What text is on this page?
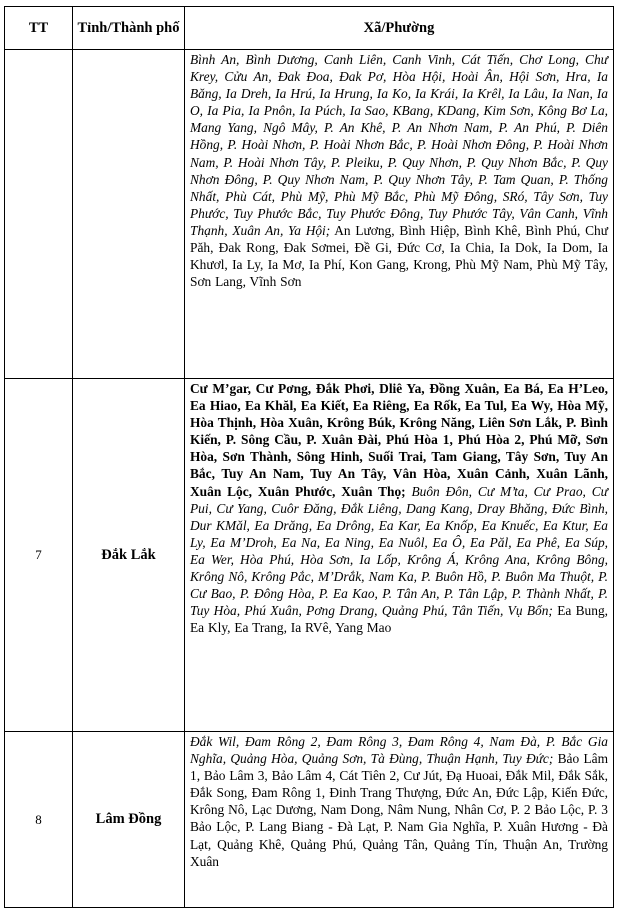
TT	Tỉnh/Thành phố	Xã/Phường
		Bình An, Bình Dương, Canh Liên, Canh Vinh, Cát Tiến, Chơ Long, Chư Krey, Cửu An, Đak Đoa, Đak Pơ, Hòa Hội, Hoài Ân, Hội Sơn, Hra, Ia Băng, Ia Dreh, Ia Hrú, Ia Hrung, Ia Ko, Ia Krái, Ia Krêl, Ia Lâu, Ia Nan, Ia O, Ia Pia, Ia Pnôn, Ia Púch, Ia Sao, KBang, KDang, Kim Sơn, Kông Bơ La, Mang Yang, Ngô Mây, P. An Khê, P. An Nhơn Nam, P. An Phú, P. Diên Hồng, P. Hoài Nhơn, P. Hoài Nhơn Bắc, P. Hoài Nhơn Đông, P. Hoài Nhơn Nam, P. Hoài Nhơn Tây, P. Pleiku, P. Quy Nhơn, P. Quy Nhơn Bắc, P. Quy Nhơn Đông, P. Quy Nhơn Nam, P. Quy Nhơn Tây, P. Tam Quan, P. Thống Nhất, Phù Cát, Phù Mỹ, Phù Mỹ Bắc, Phù Mỹ Đông, SRó, Tây Sơn, Tuy Phước, Tuy Phước Bắc, Tuy Phước Đông, Tuy Phước Tây, Vân Canh, Vĩnh Thạnh, Xuân An, Ya Hội; An Lương, Bình Hiệp, Bình Khê, Bình Phú, Chư Păh, Đak Rong, Đak Sơmei, Đề Gi, Đức Cơ, Ia Chia, Ia Dok, Ia Dom, Ia Khươl, Ia Ly, Ia Mơ, Ia Phí, Kon Gang, Krong, Phù Mỹ Nam, Phù Mỹ Tây, Sơn Lang, Vĩnh Sơn
7	Đắk Lắk	Cư M’gar, Cư Pơng, Đắk Phơi, Dliê Ya, Đồng Xuân, Ea Bá, Ea H’Leo, Ea Hiao, Ea Khăl, Ea Kiết, Ea Riêng, Ea Rốk, Ea Tul, Ea Wy, Hòa Mỹ, Hòa Thịnh, Hòa Xuân, Krông Búk, Krông Năng, Liên Sơn Lắk, P. Bình Kiến, P. Sông Cầu, P. Xuân Đài, Phú Hòa 1, Phú Hòa 2, Phú Mỡ, Sơn Hòa, Sơn Thành, Sông Hinh, Suối Trai, Tam Giang, Tây Sơn, Tuy An Bắc, Tuy An Nam, Tuy An Tây, Vân Hòa, Xuân Cảnh, Xuân Lãnh, Xuân Lộc, Xuân Phước, Xuân Thọ; Buôn Đôn, Cư M’ta, Cư Prao, Cư Pui, Cư Yang, Cuôr Đăng, Đắk Liêng, Dang Kang, Dray Bhăng, Đức Bình, Dur KMăl, Ea Drăng, Ea Drông, Ea Kar, Ea Knốp, Ea Knuếc, Ea Ktur, Ea Ly, Ea M’Droh, Ea Na, Ea Ning, Ea Nuôl, Ea Ô, Ea Păl, Ea Phê, Ea Súp, Ea Wer, Hòa Phú, Hòa Sơn, Ia Lốp, Krông Á, Krông Ana, Krông Bông, Krông Nô, Krông Pắc, M’Drắk, Nam Ka, P. Buôn Hồ, P. Buôn Ma Thuột, P. Cư Bao, P. Đông Hòa, P. Ea Kao, P. Tân An, P. Tân Lập, P. Thành Nhất, P. Tuy Hòa, Phú Xuân, Pơng Drang, Quảng Phú, Tân Tiến, Vụ Bổn; Ea Bung, Ea Kly, Ea Trang, Ia RVê, Yang Mao
8	Lâm Đồng	Đắk Wil, Đam Rông 2, Đam Rông 3, Đam Rông 4, Nam Đà, P. Bắc Gia Nghĩa, Quảng Hòa, Quảng Sơn, Tà Đùng, Thuận Hạnh, Tuy Đức; Bảo Lâm 1, Bảo Lâm 3, Bảo Lâm 4, Cát Tiên 2, Cư Jút, Đạ Huoai, Đắk Mil, Đắk Sắk, Đắk Song, Đam Rông 1, Đinh Trang Thượng, Đức An, Đức Lập, Kiến Đức, Krông Nô, Lạc Dương, Nam Dong, Nâm Nung, Nhân Cơ, P. 2 Bảo Lộc, P. 3 Bảo Lộc, P. Lang Biang - Đà Lạt, P. Nam Gia Nghĩa, P. Xuân Hương - Đà Lạt, Quảng Khê, Quảng Phú, Quảng Tân, Quảng Tín, Thuận An, Trường Xuân
